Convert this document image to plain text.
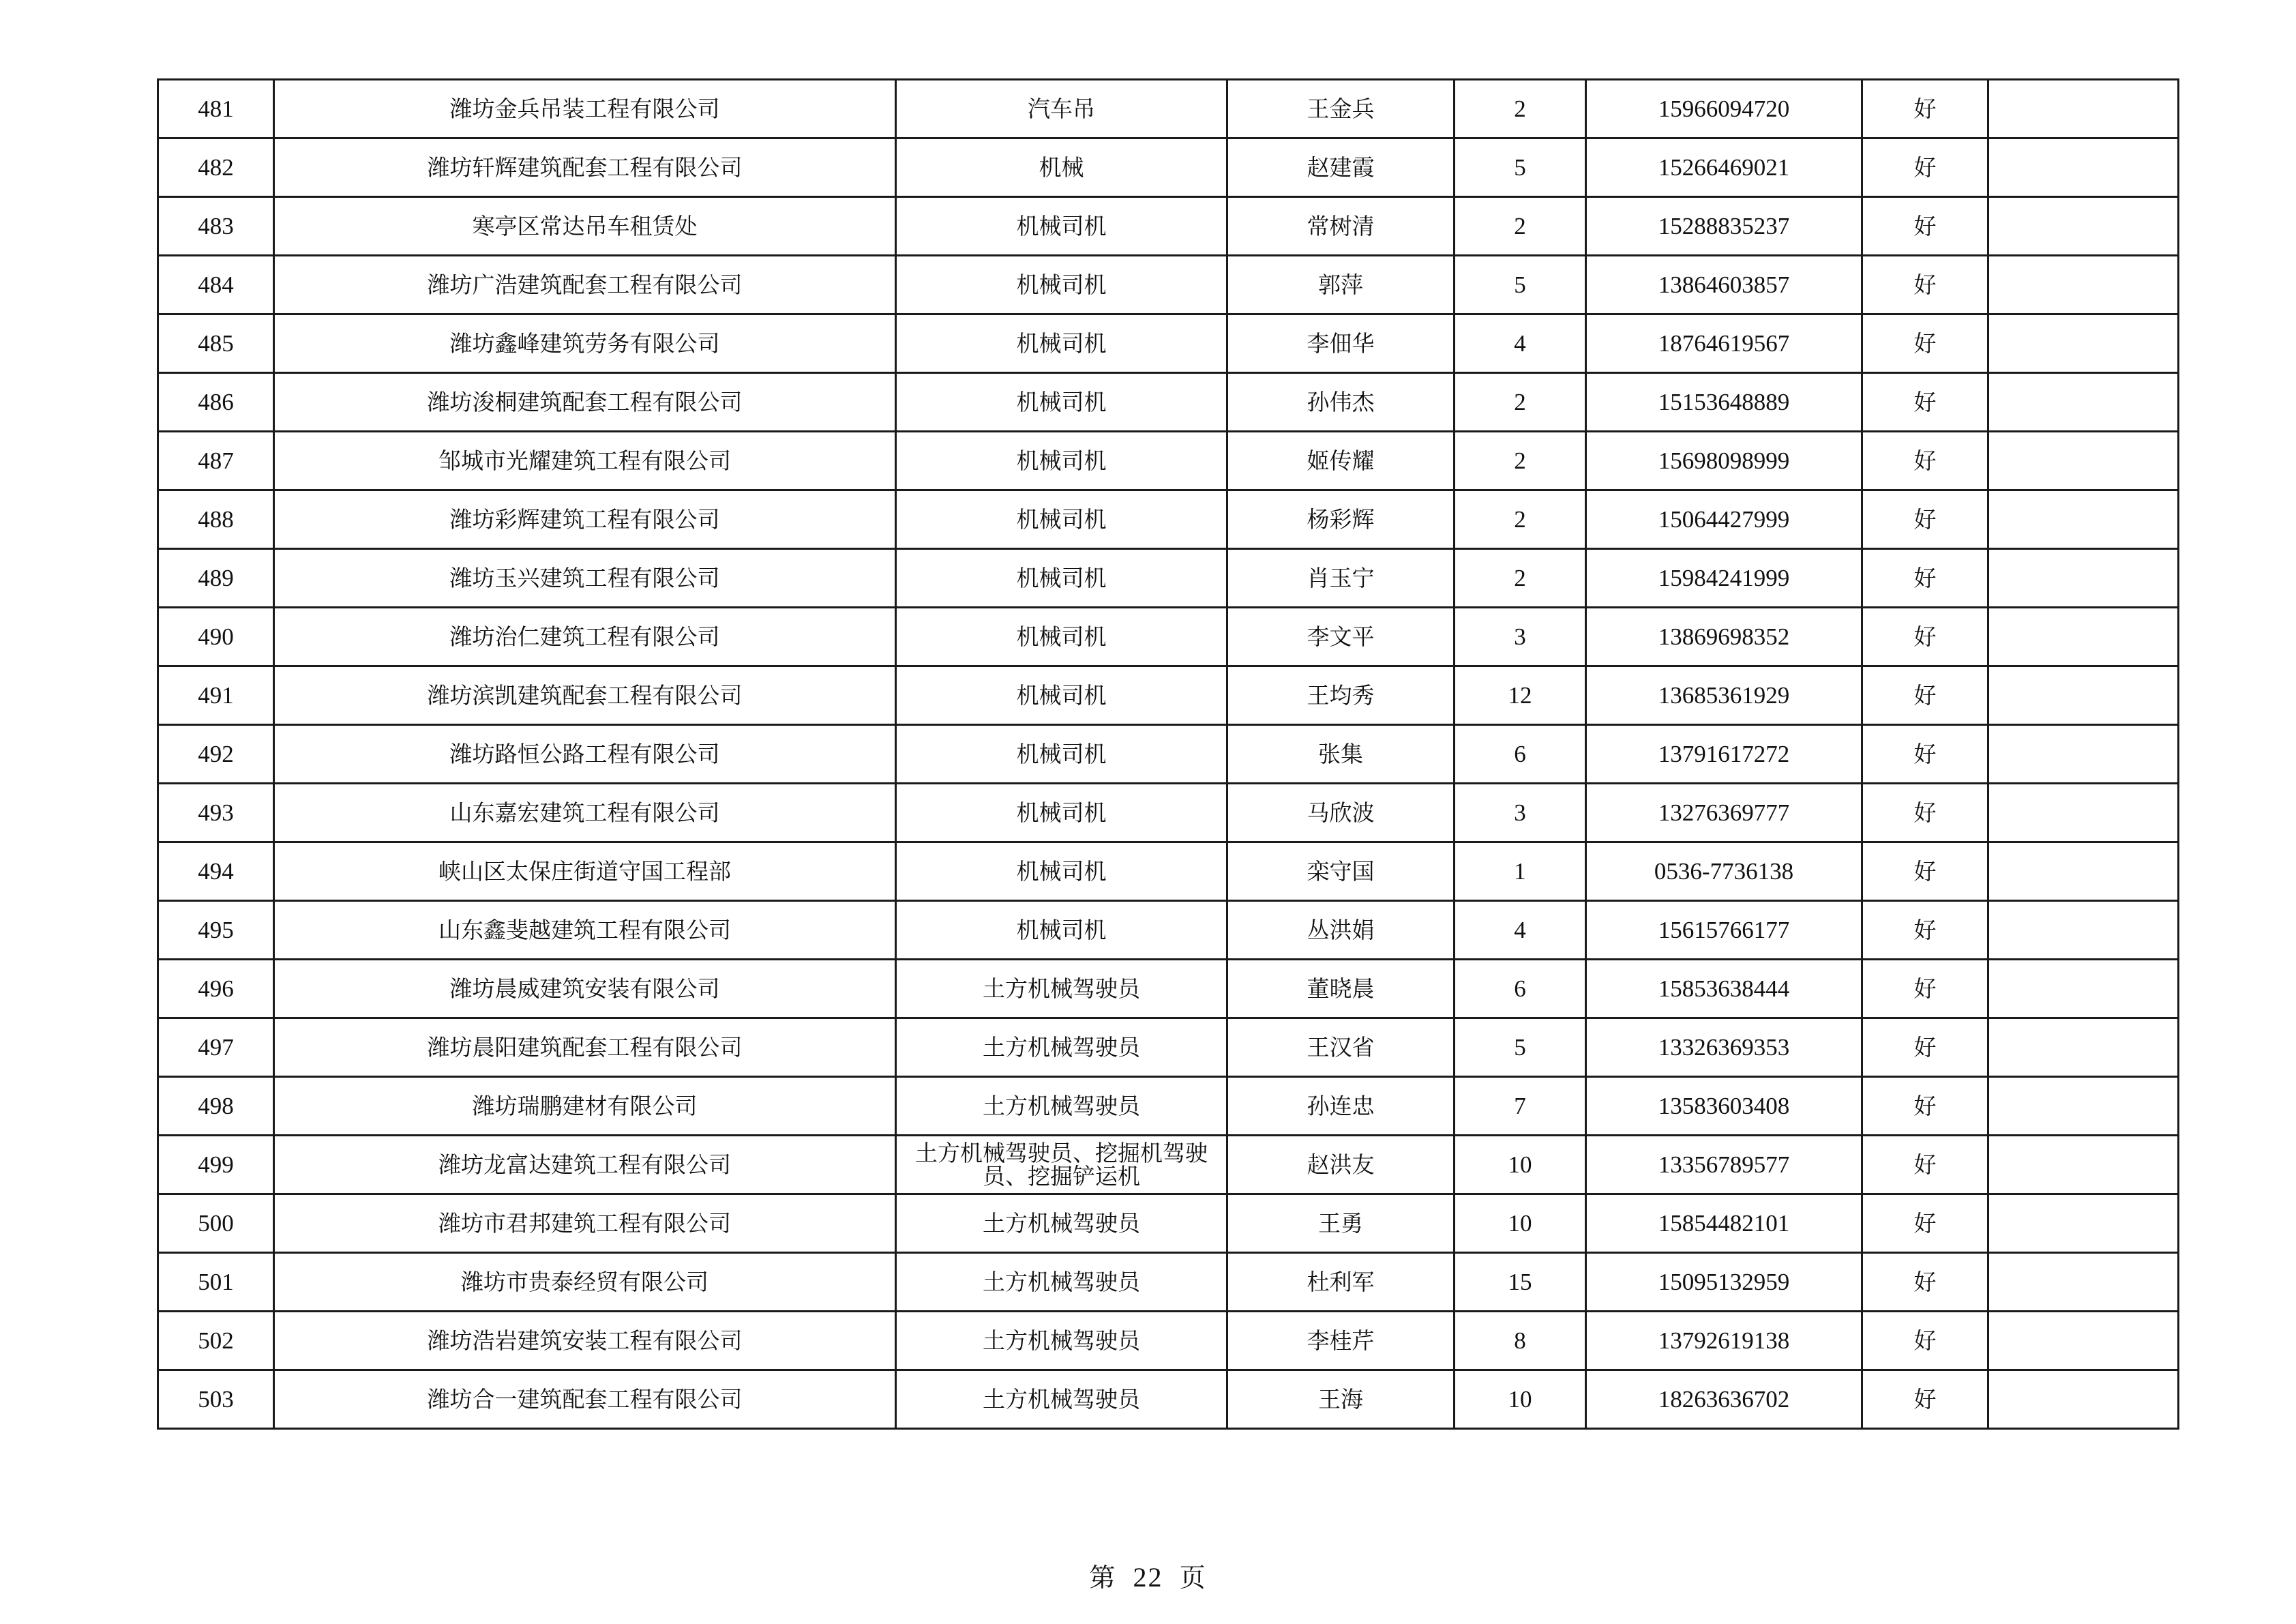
481	潍坊金兵吊装工程有限公司	汽车吊	王金兵	2	15966094720	好	
482	潍坊轩辉建筑配套工程有限公司	机械	赵建霞	5	15266469021	好	
483	寒亭区常达吊车租赁处	机械司机	常树清	2	15288835237	好	
484	潍坊广浩建筑配套工程有限公司	机械司机	郭萍	5	13864603857	好	
485	潍坊鑫峰建筑劳务有限公司	机械司机	李佃华	4	18764619567	好	
486	潍坊浚桐建筑配套工程有限公司	机械司机	孙伟杰	2	15153648889	好	
487	邹城市光耀建筑工程有限公司	机械司机	姬传耀	2	15698098999	好	
488	潍坊彩辉建筑工程有限公司	机械司机	杨彩辉	2	15064427999	好	
489	潍坊玉兴建筑工程有限公司	机械司机	肖玉宁	2	15984241999	好	
490	潍坊治仁建筑工程有限公司	机械司机	李文平	3	13869698352	好	
491	潍坊滨凯建筑配套工程有限公司	机械司机	王均秀	12	13685361929	好	
492	潍坊路恒公路工程有限公司	机械司机	张集	6	13791617272	好	
493	山东嘉宏建筑工程有限公司	机械司机	马欣波	3	13276369777	好	
494	峡山区太保庄街道守国工程部	机械司机	栾守国	1	0536-7736138	好	
495	山东鑫斐越建筑工程有限公司	机械司机	丛洪娟	4	15615766177	好	
496	潍坊晨威建筑安装有限公司	土方机械驾驶员	董晓晨	6	15853638444	好	
497	潍坊晨阳建筑配套工程有限公司	土方机械驾驶员	王汉省	5	13326369353	好	
498	潍坊瑞鹏建材有限公司	土方机械驾驶员	孙连忠	7	13583603408	好	
499	潍坊龙富达建筑工程有限公司	土方机械驾驶员、挖掘机驾驶员、挖掘铲运机	赵洪友	10	13356789577	好	
500	潍坊市君邦建筑工程有限公司	土方机械驾驶员	王勇	10	15854482101	好	
501	潍坊市贵泰经贸有限公司	土方机械驾驶员	杜利军	15	15095132959	好	
502	潍坊浩岩建筑安装工程有限公司	土方机械驾驶员	李桂芹	8	13792619138	好	
503	潍坊合一建筑配套工程有限公司	土方机械驾驶员	王海	10	18263636702	好	
第 22 页
